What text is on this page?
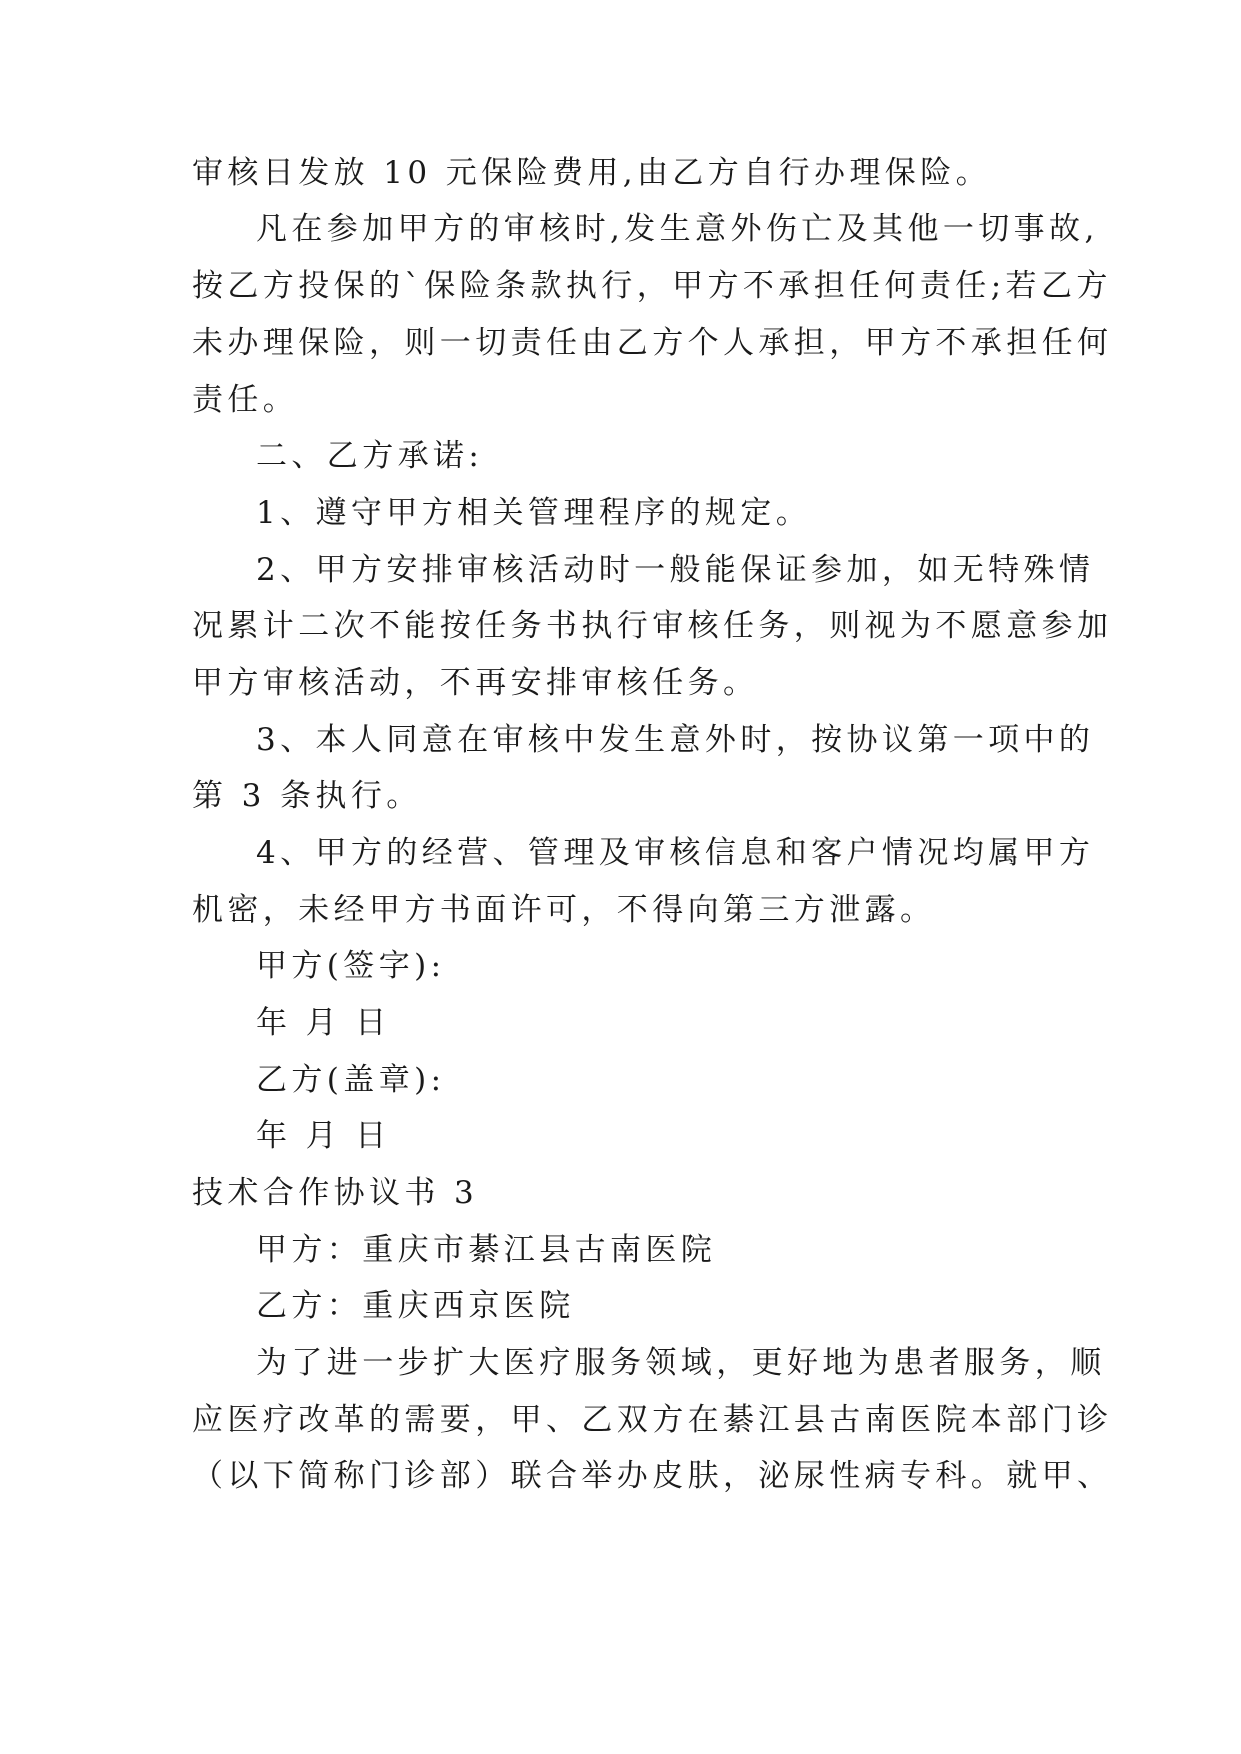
审核日发放 10 元保险费用,由乙方自行办理保险。
凡在参加甲方的审核时,发生意外伤亡及其他一切事故,
按乙方投保的`保险条款执行，甲方不承担任何责任;若乙方
未办理保险，则一切责任由乙方个人承担，甲方不承担任何
责任。
二、乙方承诺:
1、遵守甲方相关管理程序的规定。
2、甲方安排审核活动时一般能保证参加，如无特殊情
况累计二次不能按任务书执行审核任务，则视为不愿意参加
甲方审核活动，不再安排审核任务。
3、本人同意在审核中发生意外时，按协议第一项中的
第 3 条执行。
4、甲方的经营、管理及审核信息和客户情况均属甲方
机密，未经甲方书面许可，不得向第三方泄露。
甲方(签字):
年 月 日
乙方(盖章):
年 月 日
技术合作协议书 3
甲方：重庆市綦江县古南医院
乙方：重庆西京医院
为了进一步扩大医疗服务领域，更好地为患者服务，顺
应医疗改革的需要，甲、乙双方在綦江县古南医院本部门诊
（以下简称门诊部）联合举办皮肤，泌尿性病专科。就甲、
